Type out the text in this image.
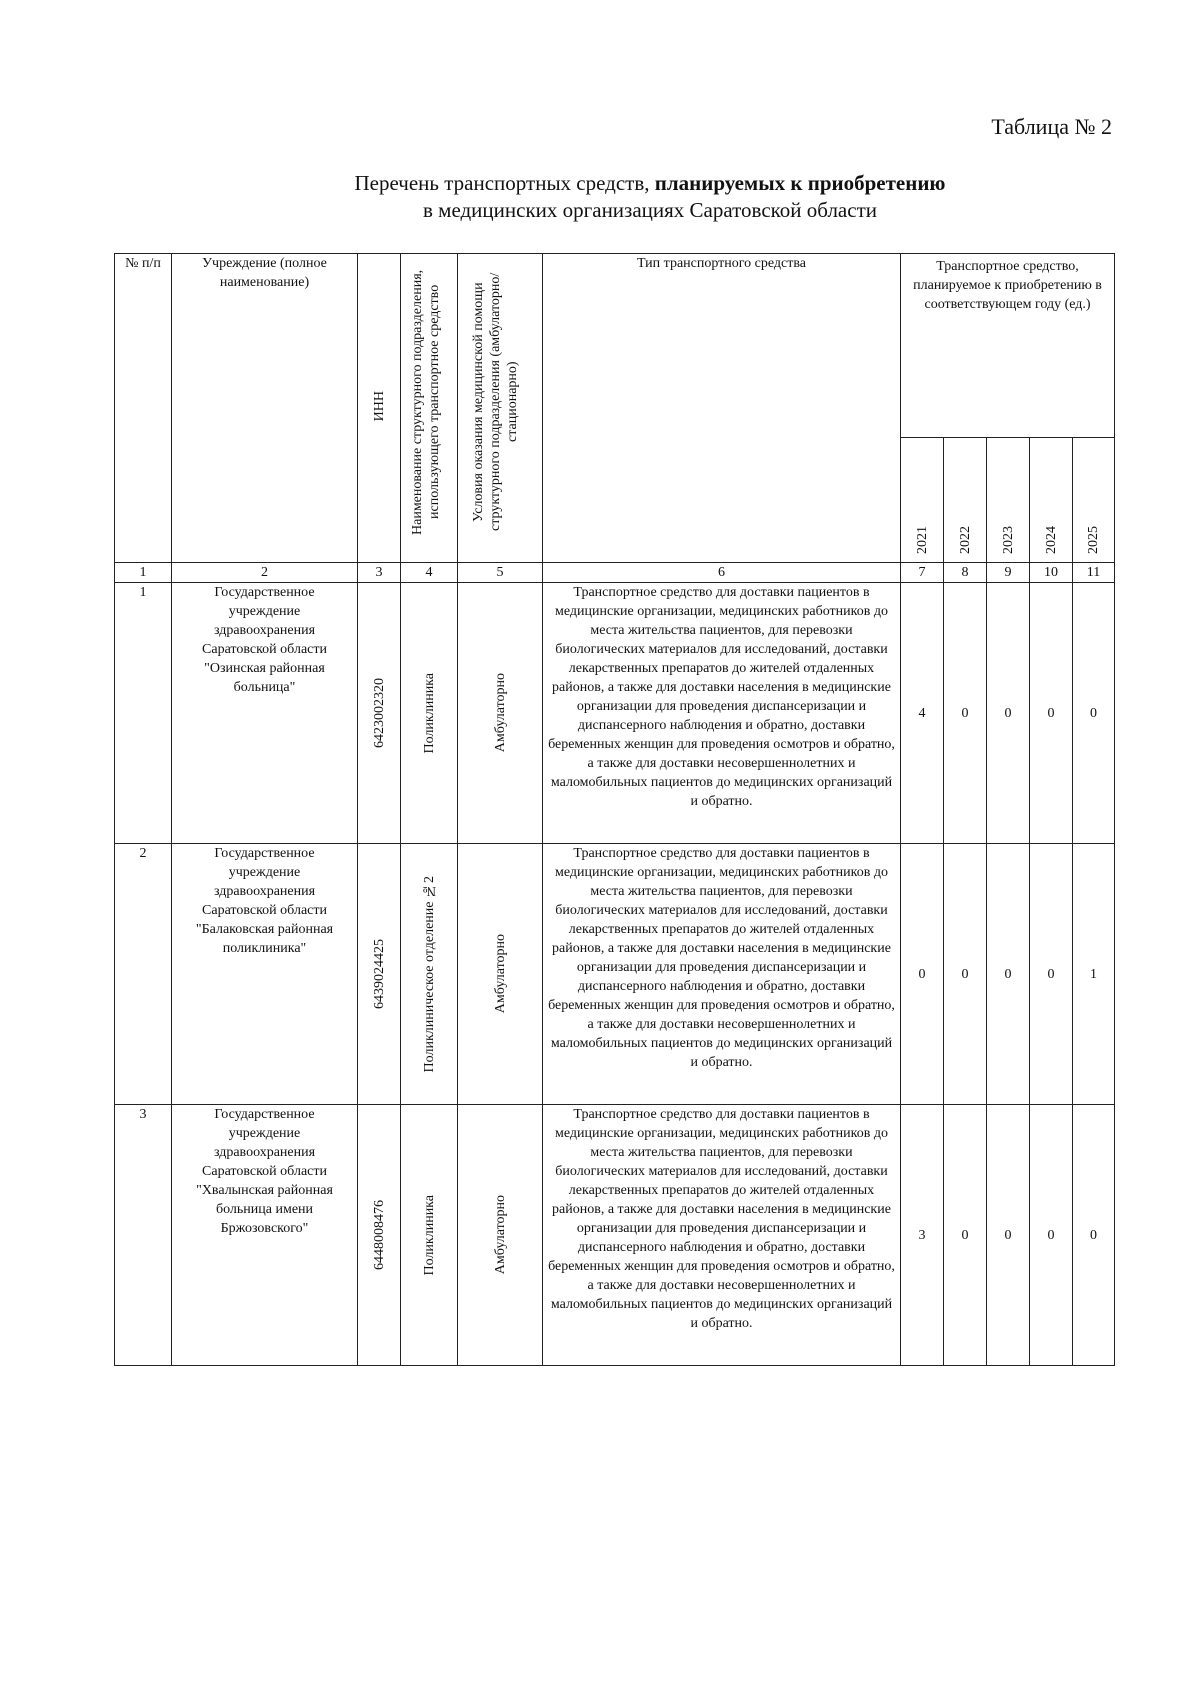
Таблица № 2
Перечень транспортных средств, планируемых к приобретению
в медицинских организациях Саратовской области
№ п/п	Учреждение (полное наименование)	ИНН	Наименование структурного подразделения, использующего транспортное средство	Условия оказания медицинской помощи структурного подразделения (амбулаторно/стационарно)	Тип транспортного средства	Транспортное средство, планируемое к приобретению в соответствующем году (ед.)				

						2021	2022	2023	2024	2025

1	2	3	4	5	6	7	8	9	10	11
1	Государственное учреждение здравоохранения Саратовской области "Озинская районная больница"	6423002320	Поликлиника	Амбулаторно	Транспортное средство для доставки пациентов в медицинские организации, медицинских работников до места жительства пациентов, для перевозки биологических материалов для исследований, доставки лекарственных препаратов до жителей отдаленных районов, а также для доставки населения в медицинские организации для проведения диспансеризации и диспансерного наблюдения и обратно, доставки беременных женщин для проведения осмотров и обратно, а также для доставки несовершеннолетних и маломобильных пациентов до медицинских организаций и обратно.	4	0	0	0	0
2	Государственное учреждение здравоохранения Саратовской области "Балаковская районная поликлиника"	6439024425	Поликлиническое отделение №2	Амбулаторно	Транспортное средство для доставки пациентов в медицинские организации, медицинских работников до места жительства пациентов, для перевозки биологических материалов для исследований, доставки лекарственных препаратов до жителей отдаленных районов, а также для доставки населения в медицинские организации для проведения диспансеризации и диспансерного наблюдения и обратно, доставки беременных женщин для проведения осмотров и обратно, а также для доставки несовершеннолетних и маломобильных пациентов до медицинских организаций и обратно.	0	0	0	0	1
3	Государственное учреждение здравоохранения Саратовской области "Хвалынская районная больница имени Бржозовского"	6448008476	Поликлиника	Амбулаторно	Транспортное средство для доставки пациентов в медицинские организации, медицинских работников до места жительства пациентов, для перевозки биологических материалов для исследований, доставки лекарственных препаратов до жителей отдаленных районов, а также для доставки населения в медицинские организации для проведения диспансеризации и диспансерного наблюдения и обратно, доставки беременных женщин для проведения осмотров и обратно, а также для доставки несовершеннолетних и маломобильных пациентов до медицинских организаций и обратно.	3	0	0	0	0
